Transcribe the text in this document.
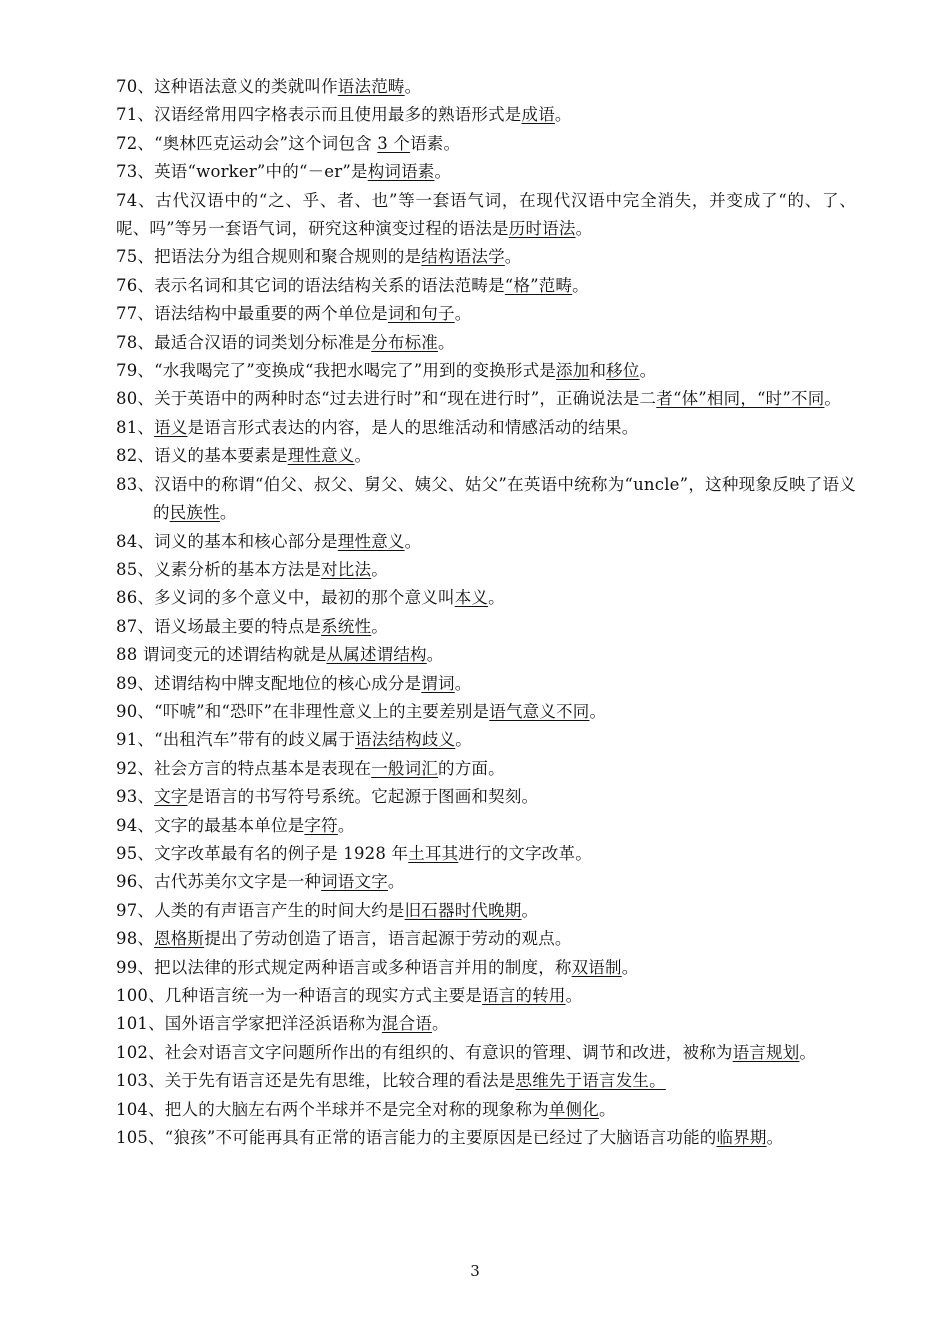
70、这种语法意义的类就叫作语法范畴。

71、汉语经常用四字格表示而且使用最多的熟语形式是成语。

72、“奥林匹克运动会”这个词包含 3 个语素。

73、英语“worker”中的“－er”是构词语素。

74、古代汉语中的“之、乎、者、也”等一套语气词，在现代汉语中完全消失，并变成了“的、了、呢、吗”等另一套语气词，研究这种演变过程的语法是历时语法。

75、把语法分为组合规则和聚合规则的是结构语法学。

76、表示名词和其它词的语法结构关系的语法范畴是“格”范畴。

77、语法结构中最重要的两个单位是词和句子。

78、最适合汉语的词类划分标准是分布标准。

79、“水我喝完了”变换成“我把水喝完了”用到的变换形式是添加和移位。

80、关于英语中的两种时态“过去进行时”和“现在进行时”，正确说法是二者“体”相同，“时”不同。

81、语义是语言形式表达的内容，是人的思维活动和情感活动的结果。

82、语义的基本要素是理性意义。

83、汉语中的称谓“伯父、叔父、舅父、姨父、姑父”在英语中统称为“uncle”，这种现象反映了语义的民族性。

84、词义的基本和核心部分是理性意义。

85、义素分析的基本方法是对比法。

86、多义词的多个意义中，最初的那个意义叫本义。

87、语义场最主要的特点是系统性。

88 谓词变元的述谓结构就是从属述谓结构。

89、述谓结构中牌支配地位的核心成分是谓词。

90、“吓唬”和“恐吓”在非理性意义上的主要差别是语气意义不同。

91、“出租汽车”带有的歧义属于语法结构歧义。

92、社会方言的特点基本是表现在一般词汇的方面。

93、文字是语言的书写符号系统。它起源于图画和契刻。

94、文字的最基本单位是字符。

95、文字改革最有名的例子是 1928 年土耳其进行的文字改革。

96、古代苏美尔文字是一种词语文字。

97、人类的有声语言产生的时间大约是旧石器时代晚期。

98、恩格斯提出了劳动创造了语言，语言起源于劳动的观点。

99、把以法律的形式规定两种语言或多种语言并用的制度，称双语制。

100、几种语言统一为一种语言的现实方式主要是语言的转用。

101、国外语言学家把洋泾浜语称为混合语。

102、社会对语言文字问题所作出的有组织的、有意识的管理、调节和改进，被称为语言规划。

103、关于先有语言还是先有思维，比较合理的看法是思维先于语言发生。

104、把人的大脑左右两个半球并不是完全对称的现象称为单侧化。

105、“狼孩”不可能再具有正常的语言能力的主要原因是已经过了大脑语言功能的临界期。

3
